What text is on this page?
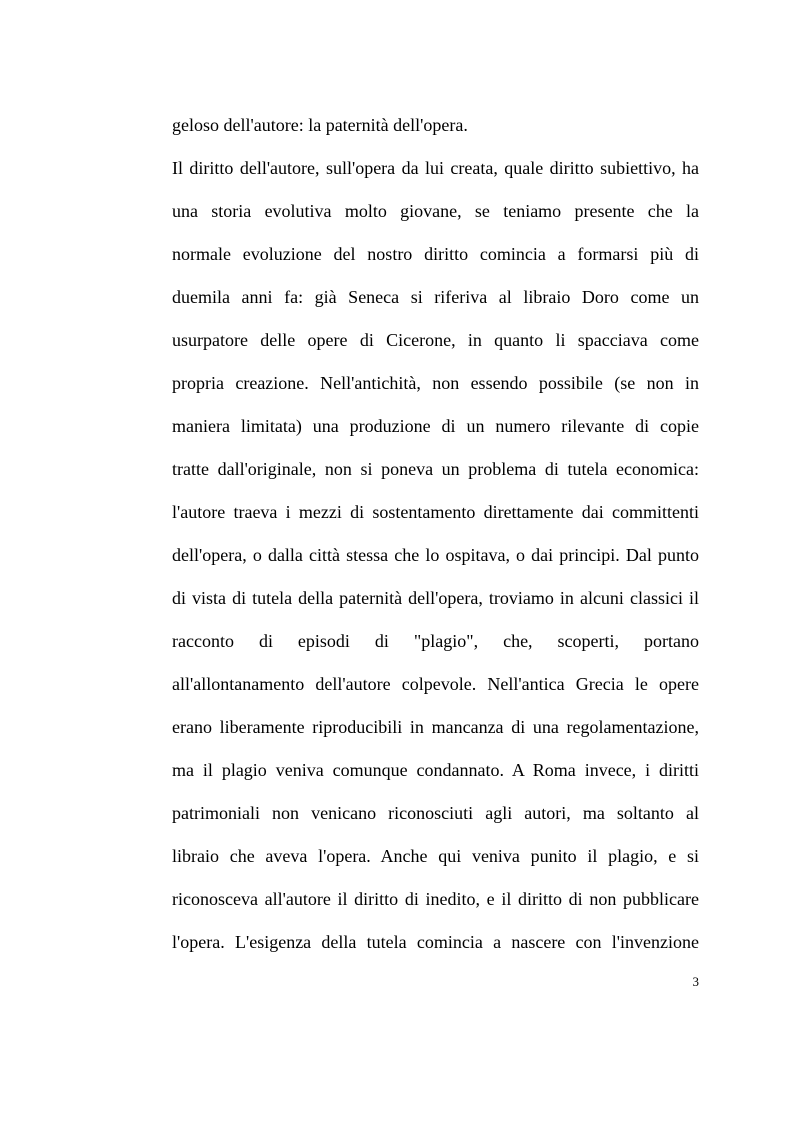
geloso dell'autore: la paternità dell'opera.
Il diritto dell'autore, sull'opera da lui creata, quale diritto subiettivo, ha
una storia evolutiva molto giovane, se teniamo presente che la
normale evoluzione del nostro diritto comincia a formarsi più di
duemila anni fa: già Seneca si riferiva al libraio Doro come un
usurpatore delle opere di Cicerone, in quanto li spacciava come
propria creazione. Nell'antichità, non essendo possibile (se non in
maniera limitata) una produzione di un numero rilevante di copie
tratte dall'originale, non si poneva un problema di tutela economica:
l'autore traeva i mezzi di sostentamento direttamente dai committenti
dell'opera, o dalla città stessa che lo ospitava, o dai principi. Dal punto
di vista di tutela della paternità dell'opera, troviamo in alcuni classici il
racconto di episodi di "plagio", che, scoperti, portano
all'allontanamento dell'autore colpevole. Nell'antica Grecia le opere
erano liberamente riproducibili in mancanza di una regolamentazione,
ma il plagio veniva comunque condannato. A Roma invece, i diritti
patrimoniali non venicano riconosciuti agli autori, ma soltanto al
libraio che aveva l'opera. Anche qui veniva punito il plagio, e si
riconosceva all'autore il diritto di inedito, e il diritto di non pubblicare
l'opera. L'esigenza della tutela comincia a nascere con l'invenzione
3
